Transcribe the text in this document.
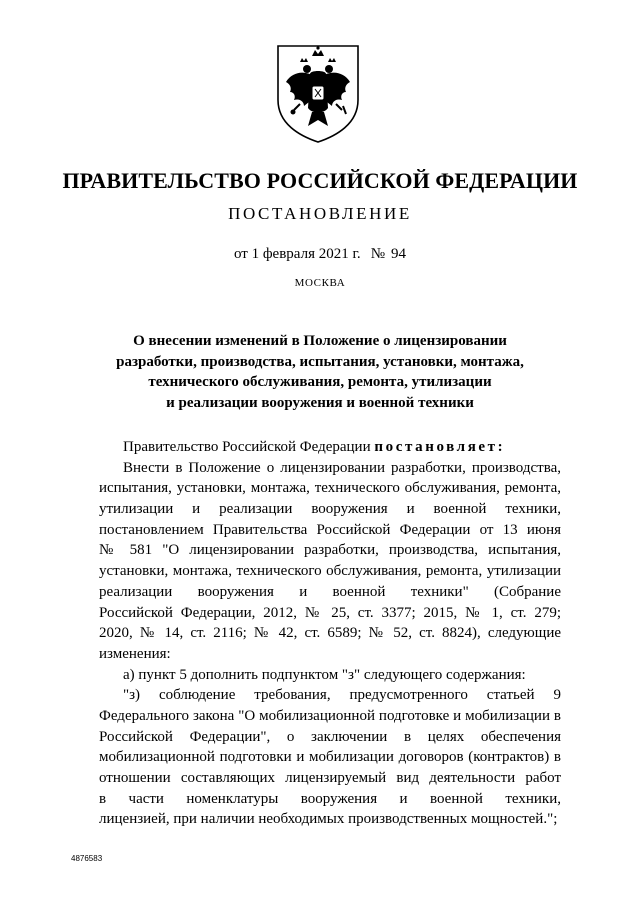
ПРАВИТЕЛЬСТВО РОССИЙСКОЙ ФЕДЕРАЦИИ
ПОСТАНОВЛЕНИЕ
от 1 февраля 2021 г. № 94
МОСКВА
О внесении изменений в Положение о лицензировании
разработки, производства, испытания, установки, монтажа,
технического обслуживания, ремонта, утилизации
и реализации вооружения и военной техники
Правительство Российской Федерации постановляет:
Внести в Положение о лицензировании разработки, производства,
испытания, установки, монтажа, технического обслуживания, ремонта,
утилизации и реализации вооружения и военной техники,
постановлением Правительства Российской Федерации от 13 июня
№ 581 "О лицензировании разработки, производства, испытания,
установки, монтажа, технического обслуживания, ремонта, утилизации
реализации вооружения и военной техники" (Собрание
Российской Федерации, 2012, № 25, ст. 3377; 2015, № 1, ст. 279;
2020, № 14, ст. 2116; № 42, ст. 6589; № 52, ст. 8824), следующие
изменения:
а) пункт 5 дополнить подпунктом "з" следующего содержания:
"з) соблюдение требования, предусмотренного статьей 9
Федерального закона "О мобилизационной подготовке и мобилизации в
Российской Федерации", о заключении в целях обеспечения
мобилизационной подготовки и мобилизации договоров (контрактов) в
отношении составляющих лицензируемый вид деятельности работ
в части номенклатуры вооружения и военной техники,
лицензией, при наличии необходимых производственных мощностей.";
4876583
